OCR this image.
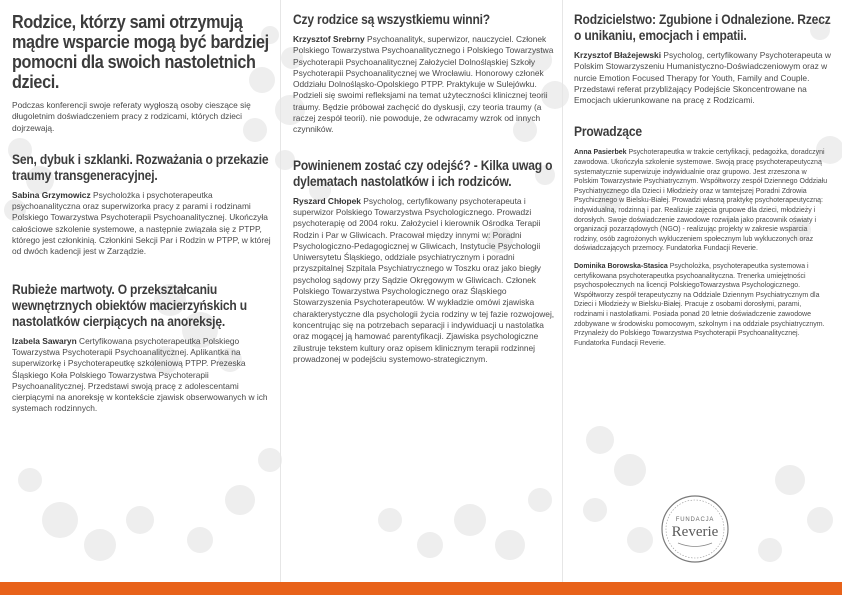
Rodzice, którzy sami otrzymują mądre wsparcie mogą być bardziej pomocni dla swoich nastoletnich dzieci.

Podczas konferencji swoje referaty wygłoszą osoby cieszące się długoletnim doświadczeniem pracy z rodzicami, których dzieci dojrzewają.

Sen, dybuk i szklanki. Rozważania o przekazie traumy transgeneracyjnej.

Sabina Grzymowicz Psycholożka i psychoterapeutka psychoanalityczna oraz superwizorka pracy z parami i rodzinami Polskiego Towarzystwa Psychoterapii Psychoanalitycznej. Ukończyła całościowe szkolenie systemowe, a następnie związała się z PTPP, którego jest członkinią. Członkini Sekcji Par i Rodzin w PTPP, w której od dwóch kadencji jest w Zarządzie.

Rubieże martwoty. O przekształcaniu wewnętrznych obiektów macierzyńskich u nastolatków cierpiących na anoreksję.

Izabela Sawaryn Certyfikowana psychoterapeutka Polskiego Towarzystwa Psychoterapii Psychoanalitycznej. Aplikantka na superwizorkę i Psychoterapeutkę szkoleniową PTPP. Prezeska Śląskiego Koła Polskiego Towarzystwa Psychoterapii Psychoanalitycznej. Przedstawi swoją pracę z adolescentami cierpiącymi na anoreksję w kontekście zjawisk obserwowanych w ich systemach rodzinnych.

Czy rodzice są wszystkiemu winni?

Krzysztof Srebrny Psychoanalityk, superwizor, nauczyciel. Członek Polskiego Towarzystwa Psychoanalitycznego i Polskiego Towarzystwa Psychoterapii Psychoanalitycznej Założyciel Dolnośląskiej Szkoły Psychoterapii Psychoanalitycznej we Wrocławiu. Honorowy członek Oddziału Dolnośląsko-Opolskiego PTPP. Praktykuje w Sulejówku. Podzieli się swoimi refleksjami na temat użyteczności klinicznej teorii traumy. Będzie próbował zachęcić do dyskusji, czy teoria traumy (a raczej zespół teorii). nie powoduje, że odwracamy wzrok od innych czynników.

Powinienem zostać czy odejść? - Kilka uwag o dylematach nastolatków i ich rodziców.

Ryszard Chłopek Psycholog, certyfikowany psychoterapeuta i superwizor Polskiego Towarzystwa Psychologicznego. Prowadzi psychoterapię od 2004 roku. Założyciel i kierownik Ośrodka Terapii Rodzin i Par w Gliwicach. Pracował między innymi w: Poradni Psychologiczno-Pedagogicznej w Gliwicach, Instytucie Psychologii Uniwersytetu Śląskiego, oddziale psychiatrycznym i poradni przyszpitalnej Szpitala Psychiatrycznego w Toszku oraz jako biegły psycholog sądowy przy Sądzie Okręgowym w Gliwicach. Członek Polskiego Towarzystwa Psychologicznego oraz Śląskiego Stowarzyszenia Psychoterapeutów. W wykładzie omówi zjawiska charakterystyczne dla psychologii życia rodziny w tej fazie rozwojowej, koncentrując się na potrzebach separacji i indywiduacji u nastolatka oraz mogącej ją hamować parentyfikacji. Zjawiska psychologiczne zilustruje tekstem kultury oraz opisem klinicznym terapii rodzinnej prowadzonej w podejściu systemowo-strategicznym.

Rodzicielstwo: Zgubione i Odnalezione. Rzecz o unikaniu, emocjach i empatii.

Krzysztof Błażejewski Psycholog, certyfikowany Psychoterapeuta w Polskim Stowarzyszeniu Humanistyczno-Doświadczeniowym oraz w nurcie Emotion Focused Therapy for Youth, Family and Couple. Przedstawi referat przybliżający Podejście Skoncentrowane na Emocjach ukierunkowane na pracę z Rodzicami.

Prowadzące

Anna Pasierbek Psychoterapeutka w trakcie certyfikacji, pedagożka, doradczyni zawodowa. Ukończyła szkolenie systemowe. Swoją pracę psychoterapeutyczną systematycznie superwizuje indywidualnie oraz grupowo. Jest zrzeszona w Polskim Towarzystwie Psychiatrycznym. Współtworzy zespół Dziennego Oddziału Psychiatrycznego dla Dzieci i Młodzieży oraz w tamtejszej Poradni Zdrowia Psychicznego w Bielsku-Białej. Prowadzi własną praktykę psychoterapeutyczną: indywidualną, rodzinną i par. Realizuje zajęcia grupowe dla dzieci, młodzieży i dorosłych. Swoje doświadczenie zawodowe rozwijała jako pracownik oświaty i organizacji pozarządowych (NGO) - realizując projekty w zakresie wsparcia rodziny, osób zagrożonych wykluczeniem społecznym lub wykluczonych oraz doświadczających przemocy. Fundatorka Fundacji Reverie.

Dominika Borowska-Stasica Psycholożka, psychoterapeutka systemowa i certyfikowana psychoterapeutka psychoanalityczna. Trenerka umiejętności psychospołecznych na licencji PolskiegoTowarzystwa Psychologicznego. Współtworzy zespół terapeutyczny na Oddziale Dziennym Psychiatrycznym dla Dzieci i Młodzieży w Bielsku-Białej. Pracuje z osobami dorosłymi, parami, rodzinami i nastolatkami. Posiada ponad 20 letnie doświadczenie zawodowe zdobywane w środowisku pomocowym, szkolnym i na oddziale psychiatrycznym. Przynależy do Polskiego Towarzystwa Psychoterapii Psychoanalitycznej. Fundatorka Fundacji Reverie.

FUNDACJA
Reverie
